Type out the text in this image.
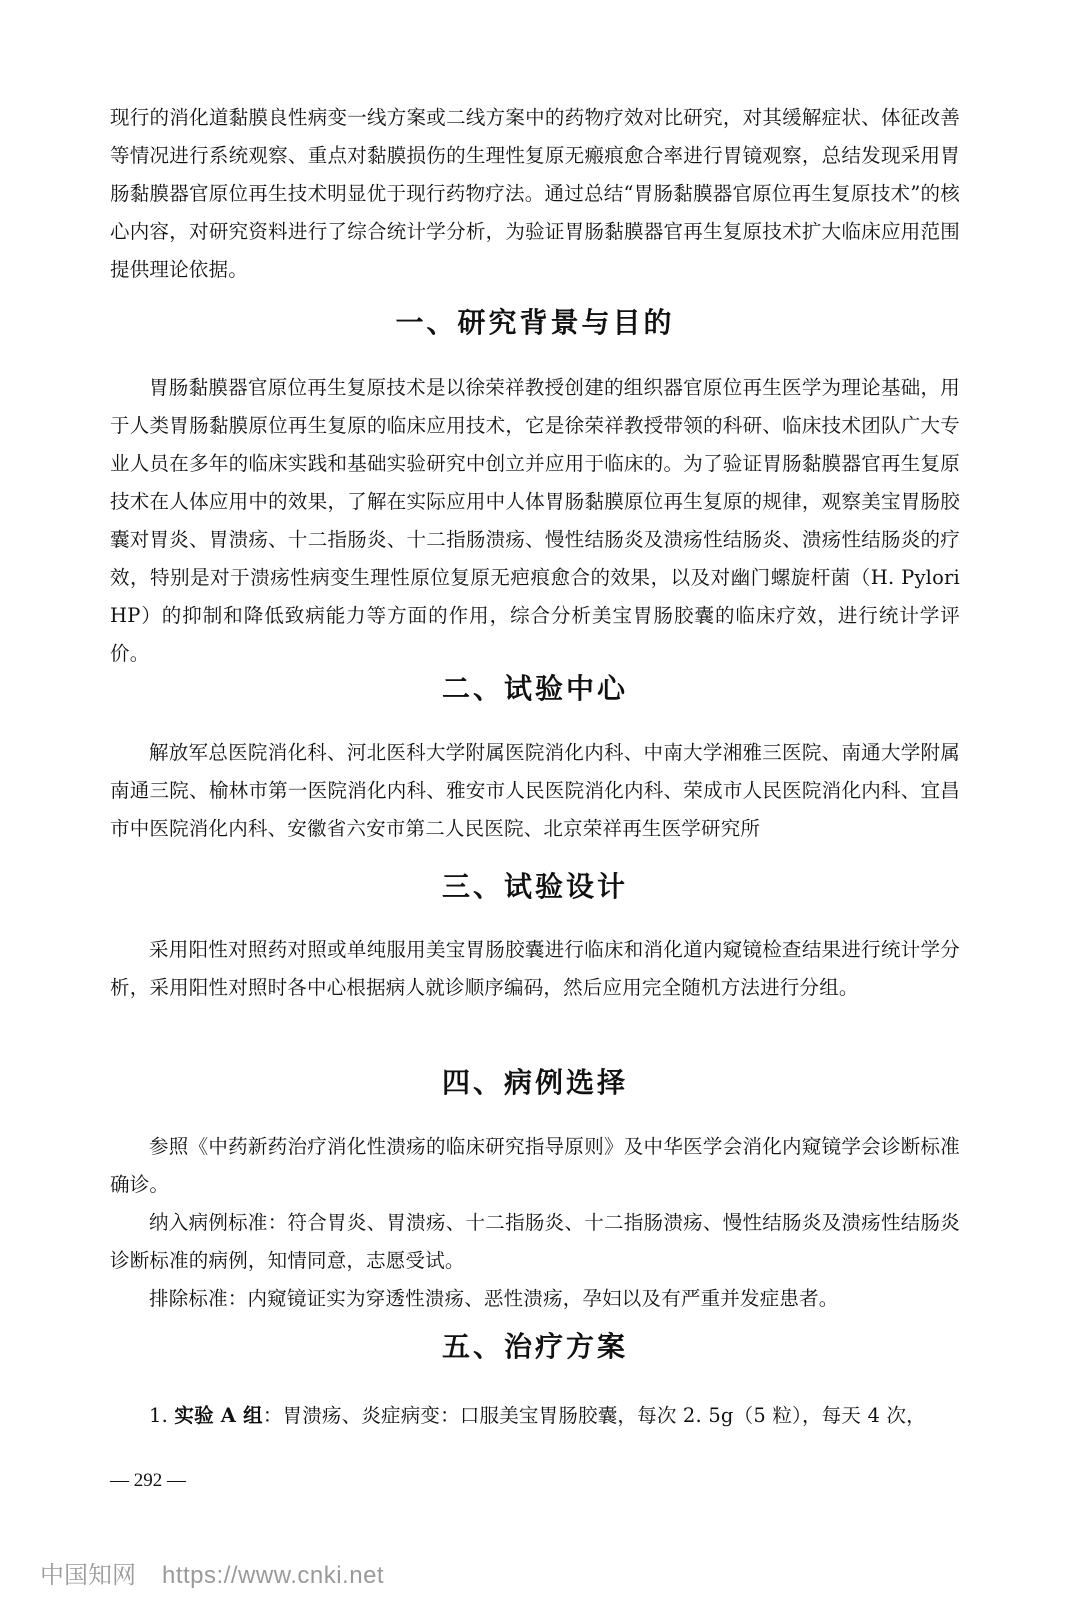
现行的消化道黏膜良性病变一线方案或二线方案中的药物疗效对比研究，对其缓解症状、体征改善等情况进行系统观察、重点对黏膜损伤的生理性复原无瘢痕愈合率进行胃镜观察，总结发现采用胃肠黏膜器官原位再生技术明显优于现行药物疗法。通过总结“胃肠黏膜器官原位再生复原技术”的核心内容，对研究资料进行了综合统计学分析，为验证胃肠黏膜器官再生复原技术扩大临床应用范围提供理论依据。

一、研究背景与目的

胃肠黏膜器官原位再生复原技术是以徐荣祥教授创建的组织器官原位再生医学为理论基础，用于人类胃肠黏膜原位再生复原的临床应用技术，它是徐荣祥教授带领的科研、临床技术团队广大专业人员在多年的临床实践和基础实验研究中创立并应用于临床的。为了验证胃肠黏膜器官再生复原技术在人体应用中的效果，了解在实际应用中人体胃肠黏膜原位再生复原的规律，观察美宝胃肠胶囊对胃炎、胃溃疡、十二指肠炎、十二指肠溃疡、慢性结肠炎及溃疡性结肠炎、溃疡性结肠炎的疗效，特别是对于溃疡性病变生理性原位复原无疤痕愈合的效果，以及对幽门螺旋杆菌（H. Pylori HP）的抑制和降低致病能力等方面的作用，综合分析美宝胃肠胶囊的临床疗效，进行统计学评价。

二、试验中心

解放军总医院消化科、河北医科大学附属医院消化内科、中南大学湘雅三医院、南通大学附属南通三院、榆林市第一医院消化内科、雅安市人民医院消化内科、荣成市人民医院消化内科、宜昌市中医院消化内科、安徽省六安市第二人民医院、北京荣祥再生医学研究所

三、试验设计

采用阳性对照药对照或单纯服用美宝胃肠胶囊进行临床和消化道内窥镜检查结果进行统计学分析，采用阳性对照时各中心根据病人就诊顺序编码，然后应用完全随机方法进行分组。

四、病例选择

参照《中药新药治疗消化性溃疡的临床研究指导原则》及中华医学会消化内窥镜学会诊断标准确诊。

纳入病例标准：符合胃炎、胃溃疡、十二指肠炎、十二指肠溃疡、慢性结肠炎及溃疡性结肠炎诊断标准的病例，知情同意，志愿受试。

排除标准：内窥镜证实为穿透性溃疡、恶性溃疡，孕妇以及有严重并发症患者。

五、治疗方案

1. 实验 A 组：胃溃疡、炎症病变：口服美宝胃肠胶囊，每次 2. 5g（5 粒），每天 4 次，

— 292 —
中国知网 https://www.cnki.net
